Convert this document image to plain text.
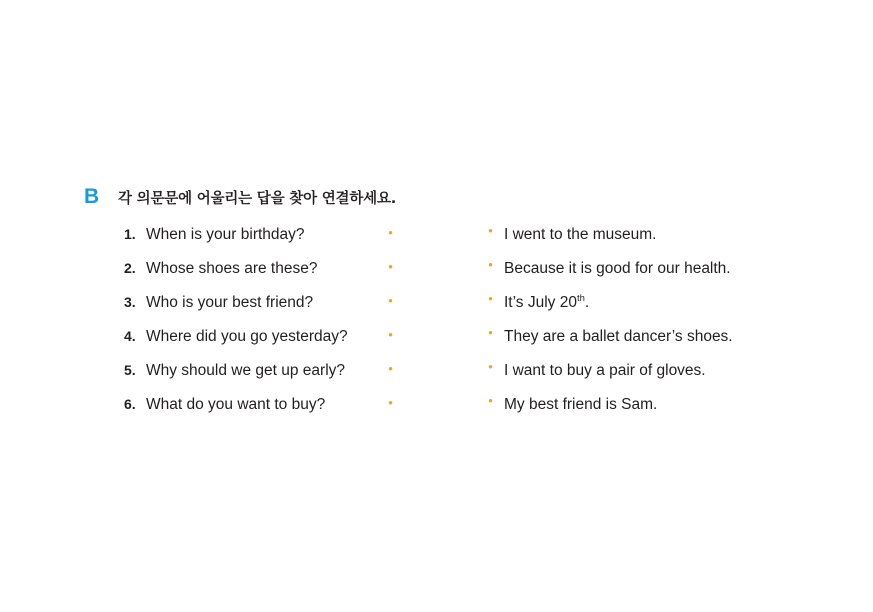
B 각 의문문에 어울리는 답을 찾아 연결하세요.
1. When is your birthday?	•	• I went to the museum.
2. Whose shoes are these?	•	• Because it is good for our health.
3. Who is your best friend?	•	• It’s July 20th.
4. Where did you go yesterday?	•	• They are a ballet dancer’s shoes.
5. Why should we get up early?	•	• I want to buy a pair of gloves.
6. What do you want to buy?	•	• My best friend is Sam.
